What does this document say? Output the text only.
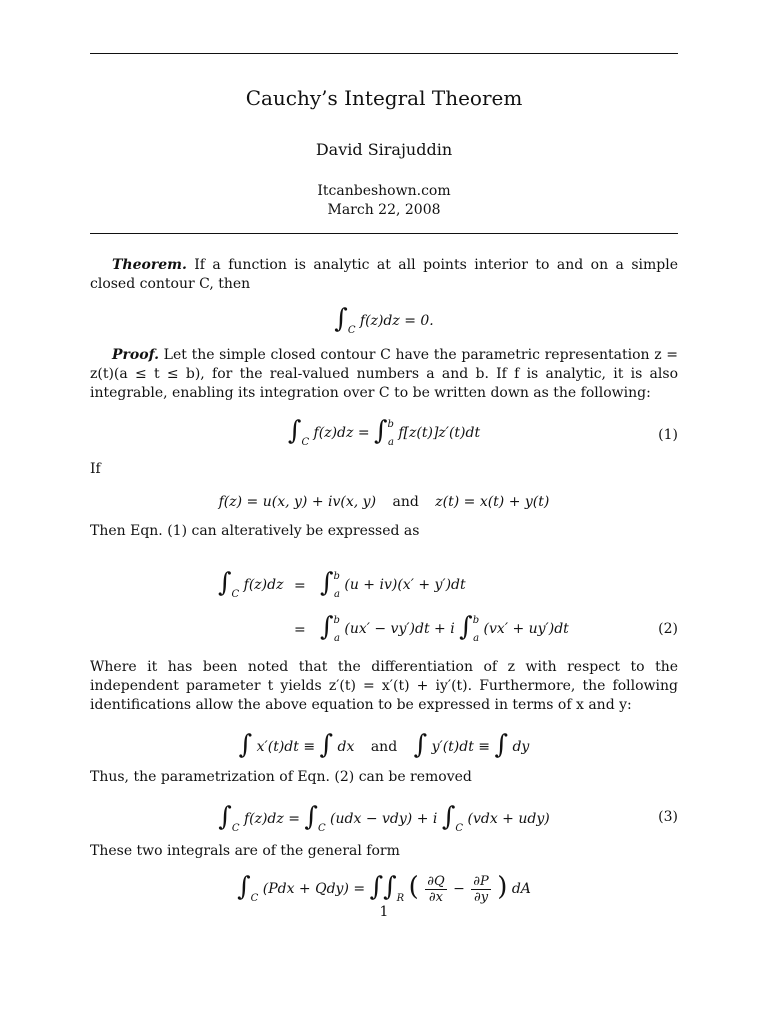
Cauchy’s Integral Theorem
David Sirajuddin
Itcanbeshown.com
March 22, 2008
Theorem. If a function is analytic at all points interior to and on a simple closed contour C, then
$\int_C$ f(z)dz = 0.
Proof. Let the simple closed contour C have the parametric representation z = z(t)(a ≤ t ≤ b), for the real-valued numbers a and b. If f is analytic, it is also integrable, enabling its integration over C to be written down as the following:
$\int_C$ f(z)dz = ∫$^b_a$ f[z(t)]z′(t)dt	(1)
If
f(z) = u(x, y) + iv(x, y) and z(t) = x(t) + y(t)
Then Eqn. (1) can alteratively be expressed as
$\int_C$ f(z)dz = ∫$^b_a$ (u + iv)(x′ + y′)dt
= ∫$^b_a$ (ux′ − vy′)dt + i ∫$^b_a$ (vx′ + uy′)dt	(2)
Where it has been noted that the differentiation of z with respect to the independent parameter t yields z′(t) = x′(t) + iy′(t). Furthermore, the following identifications allow the above equation to be expressed in terms of x and y:
∫ x′(t)dt ≡ ∫ dx and ∫ y′(t)dt ≡ ∫ dy
Thus, the parametrization of Eqn. (2) can be removed
$\int_C$ $f(z)dz = \int_C$ (udx − vdy) + i $\int_C$ (vdx + udy)	(3)
These two integrals are of the general form
$\int_C$ $(Pdx + Qdy) = \int\int_R$ ( $\frac{\partial Q}{\partial x} - \frac{\partial P}{\partial y}$ ) dA
1
